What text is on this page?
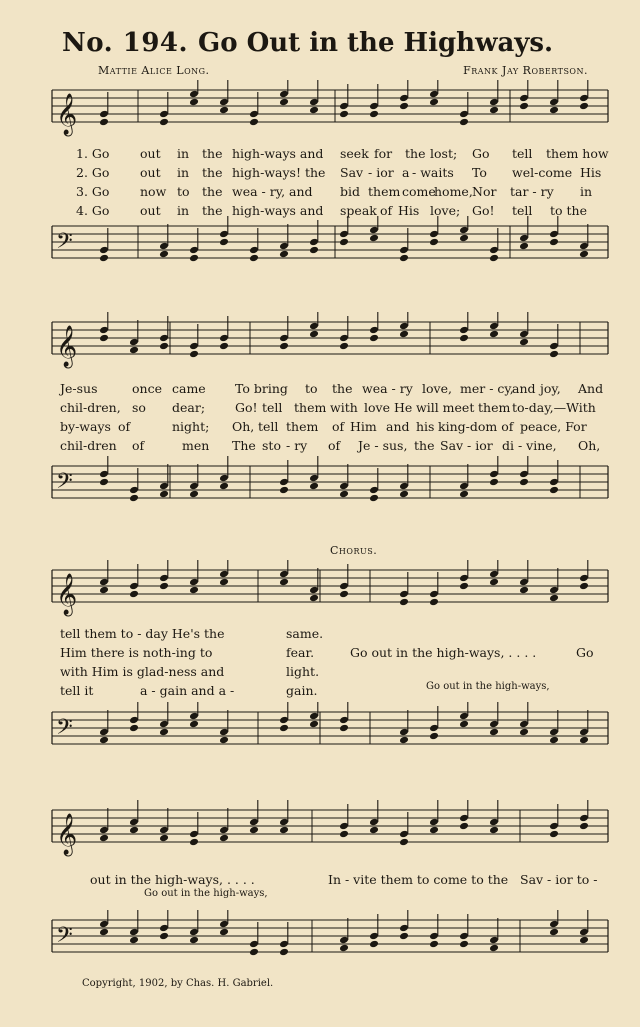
No. 194. Go Out in the Highways.
Mattie Alice Long.	Frank Jay Robertson.
𝄞
𝄢
1. Go out in the high-ways and seek for the lost; Go tell them how
2. Go out in the high-ways! the Sav - ior a - waits To wel-come His
3. Go now to the wea - ry, and bid them come
home, Nor tar - ry in
4. Go out in the high-ways and speak of His love; Go! tell to the
𝄞
𝄢
Je-sus	once came To bring to the wea - ry love, mer - cy,
and joy, And
chil-dren, so dear; Go! tell them with love He will meet them to-day,—With
by-ways of	night; Oh, tell them of Him and his king-dom of peace, For
chil-dren of	men The sto - ry of Je - sus, the Sav - ior di - vine, Oh,
Chorus.
𝄞
𝄢
tell them to - day He's the	same.
Him there is noth-ing to	fear.	Go out in the high-ways, . . . .	Go
with Him is glad-ness and	light.
tell it	a - gain and a -	gain.	Go out in the high-ways,
𝄞
𝄢
out in the high-ways, . . . .	In - vite them to come to the Sav - ior to -
Go out in the high-ways,
Copyright, 1902, by Chas. H. Gabriel.
